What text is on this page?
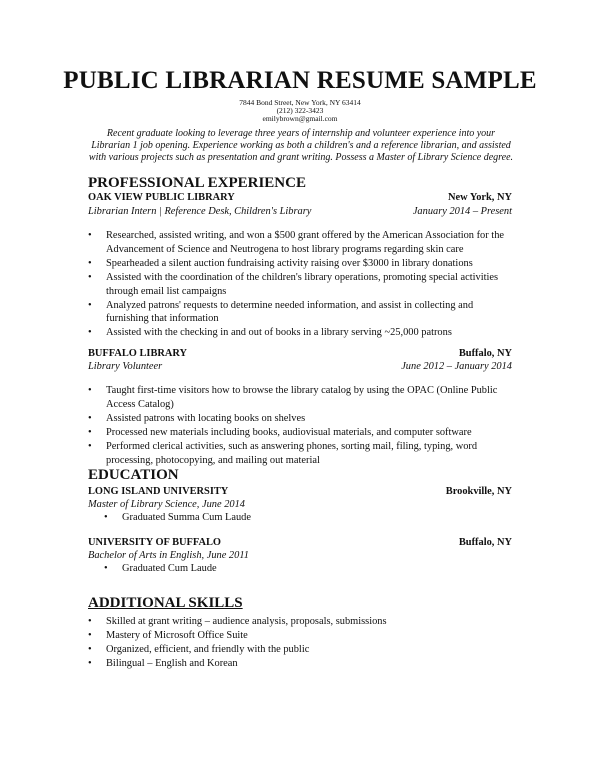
PUBLIC LIBRARIAN RESUME SAMPLE
7844 Bond Street, New York, NY 63414
(212) 322-3423
emilybrown@gmail.com
Recent graduate looking to leverage three years of internship and volunteer experience into your Librarian 1 job opening. Experience working as both a children's and a reference librarian, and assisted with various projects such as presentation and grant writing. Possess a Master of Library Science degree.
PROFESSIONAL EXPERIENCE
OAK VIEW PUBLIC LIBRARY	New York, NY
Librarian Intern | Reference Desk, Children's Library	January 2014 – Present
• Researched, assisted writing, and won a $500 grant offered by the American Association for the Advancement of Science and Neutrogena to host library programs regarding skin care
• Spearheaded a silent auction fundraising activity raising over $3000 in library donations
• Assisted with the coordination of the children's library operations, promoting special activities through email list campaigns
• Analyzed patrons' requests to determine needed information, and assist in collecting and furnishing that information
• Assisted with the checking in and out of books in a library serving ~25,000 patrons
BUFFALO LIBRARY	Buffalo, NY
Library Volunteer	June 2012 – January 2014
• Taught first-time visitors how to browse the library catalog by using the OPAC (Online Public Access Catalog)
• Assisted patrons with locating books on shelves
• Processed new materials including books, audiovisual materials, and computer software
• Performed clerical activities, such as answering phones, sorting mail, filing, typing, word processing, photocopying, and mailing out material
EDUCATION
LONG ISLAND UNIVERSITY	Brookville, NY
Master of Library Science, June 2014
• Graduated Summa Cum Laude
UNIVERSITY OF BUFFALO	Buffalo, NY
Bachelor of Arts in English, June 2011
• Graduated Cum Laude
ADDITIONAL SKILLS
• Skilled at grant writing – audience analysis, proposals, submissions
• Mastery of Microsoft Office Suite
• Organized, efficient, and friendly with the public
• Bilingual – English and Korean
